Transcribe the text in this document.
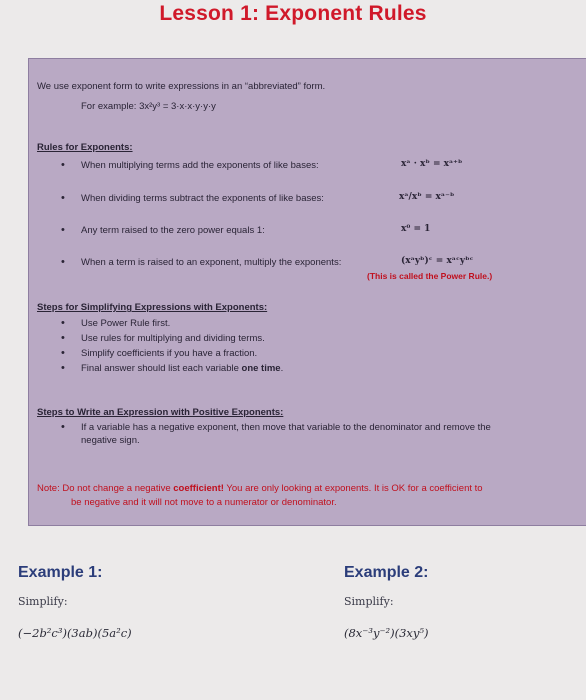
Lesson 1: Exponent Rules
We use exponent form to write expressions in an “abbreviated” form.
For example: 3x²y³ = 3·x·x·y·y·y
Rules for Exponents:
• When multiplying terms add the exponents of like bases:	xᵃ · xᵇ = xᵃ⁺ᵇ
• When dividing terms subtract the exponents of like bases:	xᵃ/xᵇ = xᵃ⁻ᵇ
• Any term raised to the zero power equals 1:	x⁰ = 1
• When a term is raised to an exponent, multiply the exponents:	(xᵃyᵇ)ᶜ = xᵃᶜyᵇᶜ
(This is called the Power Rule.)
Steps for Simplifying Expressions with Exponents:
• Use Power Rule first.
• Use rules for multiplying and dividing terms.
• Simplify coefficients if you have a fraction.
• Final answer should list each variable one time.
Steps to Write an Expression with Positive Exponents:
• If a variable has a negative exponent, then move that variable to the denominator and remove the
negative sign.
Note: Do not change a negative coefficient! You are only looking at exponents. It is OK for a coefficient to
be negative and it will not move to a numerator or denominator.
Example 1:
Simplify:
(−2b²c³)(3ab)(5a²c)
Example 2:
Simplify:
(8x⁻³y⁻²)(3xy⁵)
